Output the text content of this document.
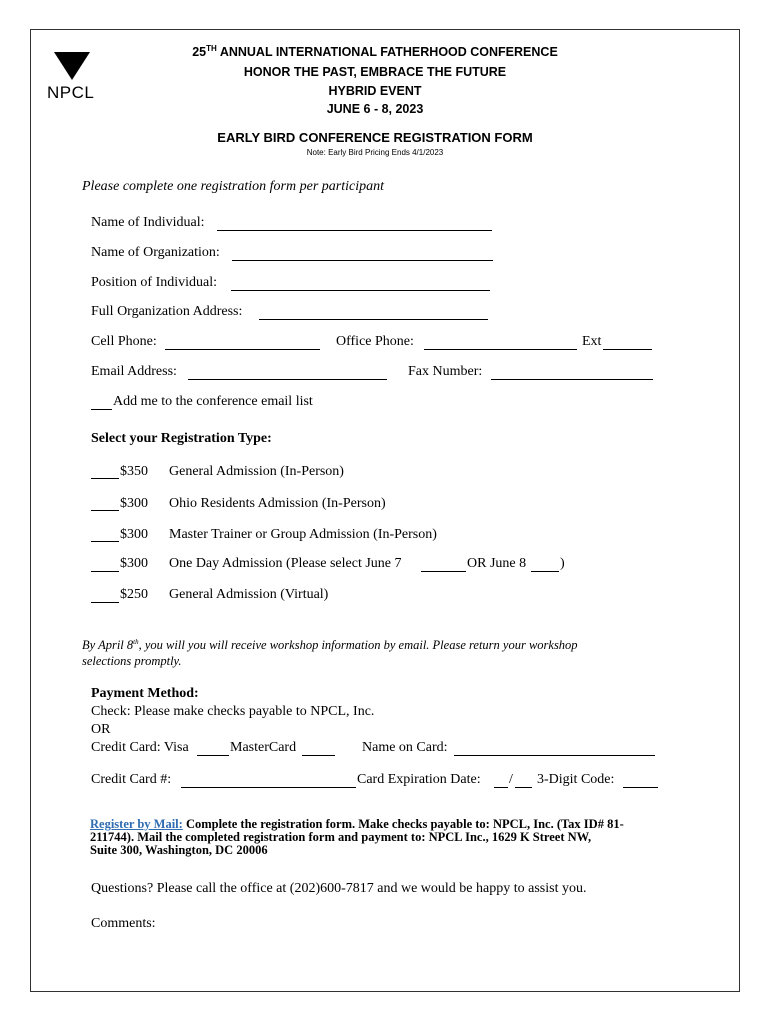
NPCL
25TH ANNUAL INTERNATIONAL FATHERHOOD CONFERENCE
HONOR THE PAST, EMBRACE THE FUTURE
HYBRID EVENT
JUNE 6 - 8, 2023
EARLY BIRD CONFERENCE REGISTRATION FORM
Note: Early Bird Pricing Ends 4/1/2023
Please complete one registration form per participant
Name of Individual:
Name of Organization:
Position of Individual:
Full Organization Address:
Cell Phone:	Office Phone:	Ext
Email Address:	Fax Number:
Add me to the conference email list
Select your Registration Type:
$350 General Admission (In-Person)
$300 Ohio Residents Admission (In-Person)
$300 Master Trainer or Group Admission (In-Person)
$300 One Day Admission (Please select June 7	OR June 8 )
$250 General Admission (Virtual)
By April 8th, you will you will receive workshop information by email. Please return your workshop
selections promptly.
Payment Method:
Check: Please make checks payable to NPCL, Inc.
OR
Credit Card: Visa	MasterCard	Name on Card:
Credit Card #:	Card Expiration Date: / 3-Digit Code:
Register by Mail: Complete the registration form. Make checks payable to: NPCL, Inc. (Tax ID# 81-
211744). Mail the completed registration form and payment to: NPCL Inc., 1629 K Street NW,
Suite 300, Washington, DC 20006
Questions? Please call the office at (202)600-7817 and we would be happy to assist you.
Comments:
